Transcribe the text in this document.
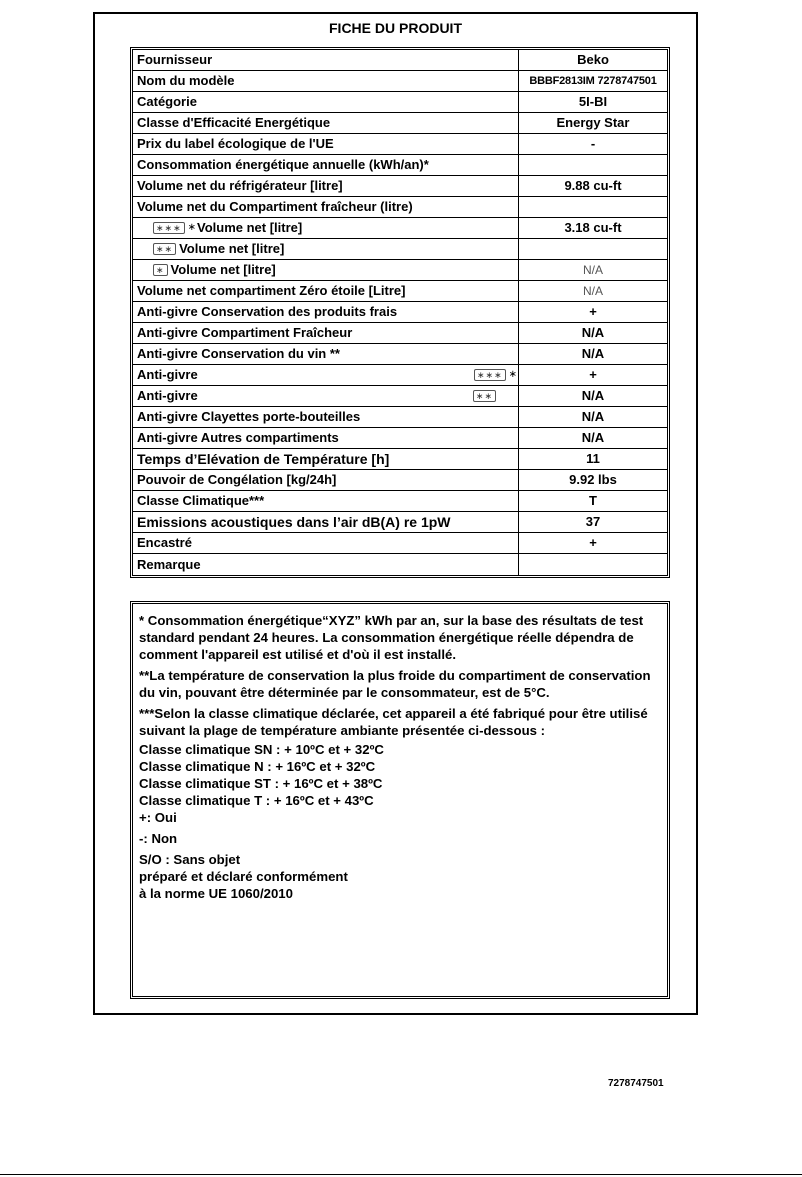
FICHE DU PRODUIT
Fournisseur	Beko
Nom du modèle	BBBF2813IM 7278747501
Catégorie	5I-BI
Classe d'Efficacité Energétique	Energy Star
Prix du label écologique de l'UE	-
Consommation énergétique annuelle (kWh/an)*
Volume net du réfrigérateur [litre]	9.88 cu-ft
Volume net du Compartiment fraîcheur (litre)
∗∗∗ ∗ Volume net [litre]	3.18 cu-ft
∗∗ Volume net [litre]
∗ Volume net [litre]	N/A
Volume net compartiment Zéro étoile [Litre]	N/A
Anti-givre Conservation des produits frais	+
Anti-givre Compartiment Fraîcheur	N/A
Anti-givre Conservation du vin **	N/A
Anti-givre	∗∗∗ ∗	+
Anti-givre	∗∗	N/A
Anti-givre Clayettes porte-bouteilles	N/A
Anti-givre Autres compartiments	N/A
Temps d’Elévation de Température [h]	11
Pouvoir de Congélation [kg/24h]	9.92 lbs
Classe Climatique***	T
Emissions acoustiques dans l’air dB(A) re 1pW	37
Encastré	+
Remarque

* Consommation énergétique“XYZ” kWh par an, sur la base des résultats de test standard pendant 24 heures. La consommation énergétique réelle dépendra de comment l'appareil est utilisé et d'où il est installé.

**La température de conservation la plus froide du compartiment de conservation du vin, pouvant être déterminée par le consommateur, est de 5°C.

***Selon la classe climatique déclarée, cet appareil a été fabriqué pour être utilisé suivant la plage de température ambiante présentée ci-dessous :

Classe climatique SN : + 10ºC et + 32ºC
Classe climatique N : + 16ºC et + 32ºC
Classe climatique ST : + 16ºC et + 38ºC
Classe climatique T : + 16ºC et + 43ºC
+: Oui
-: Non
S/O : Sans objet
préparé et déclaré conformément
à la norme UE 1060/2010
7278747501
